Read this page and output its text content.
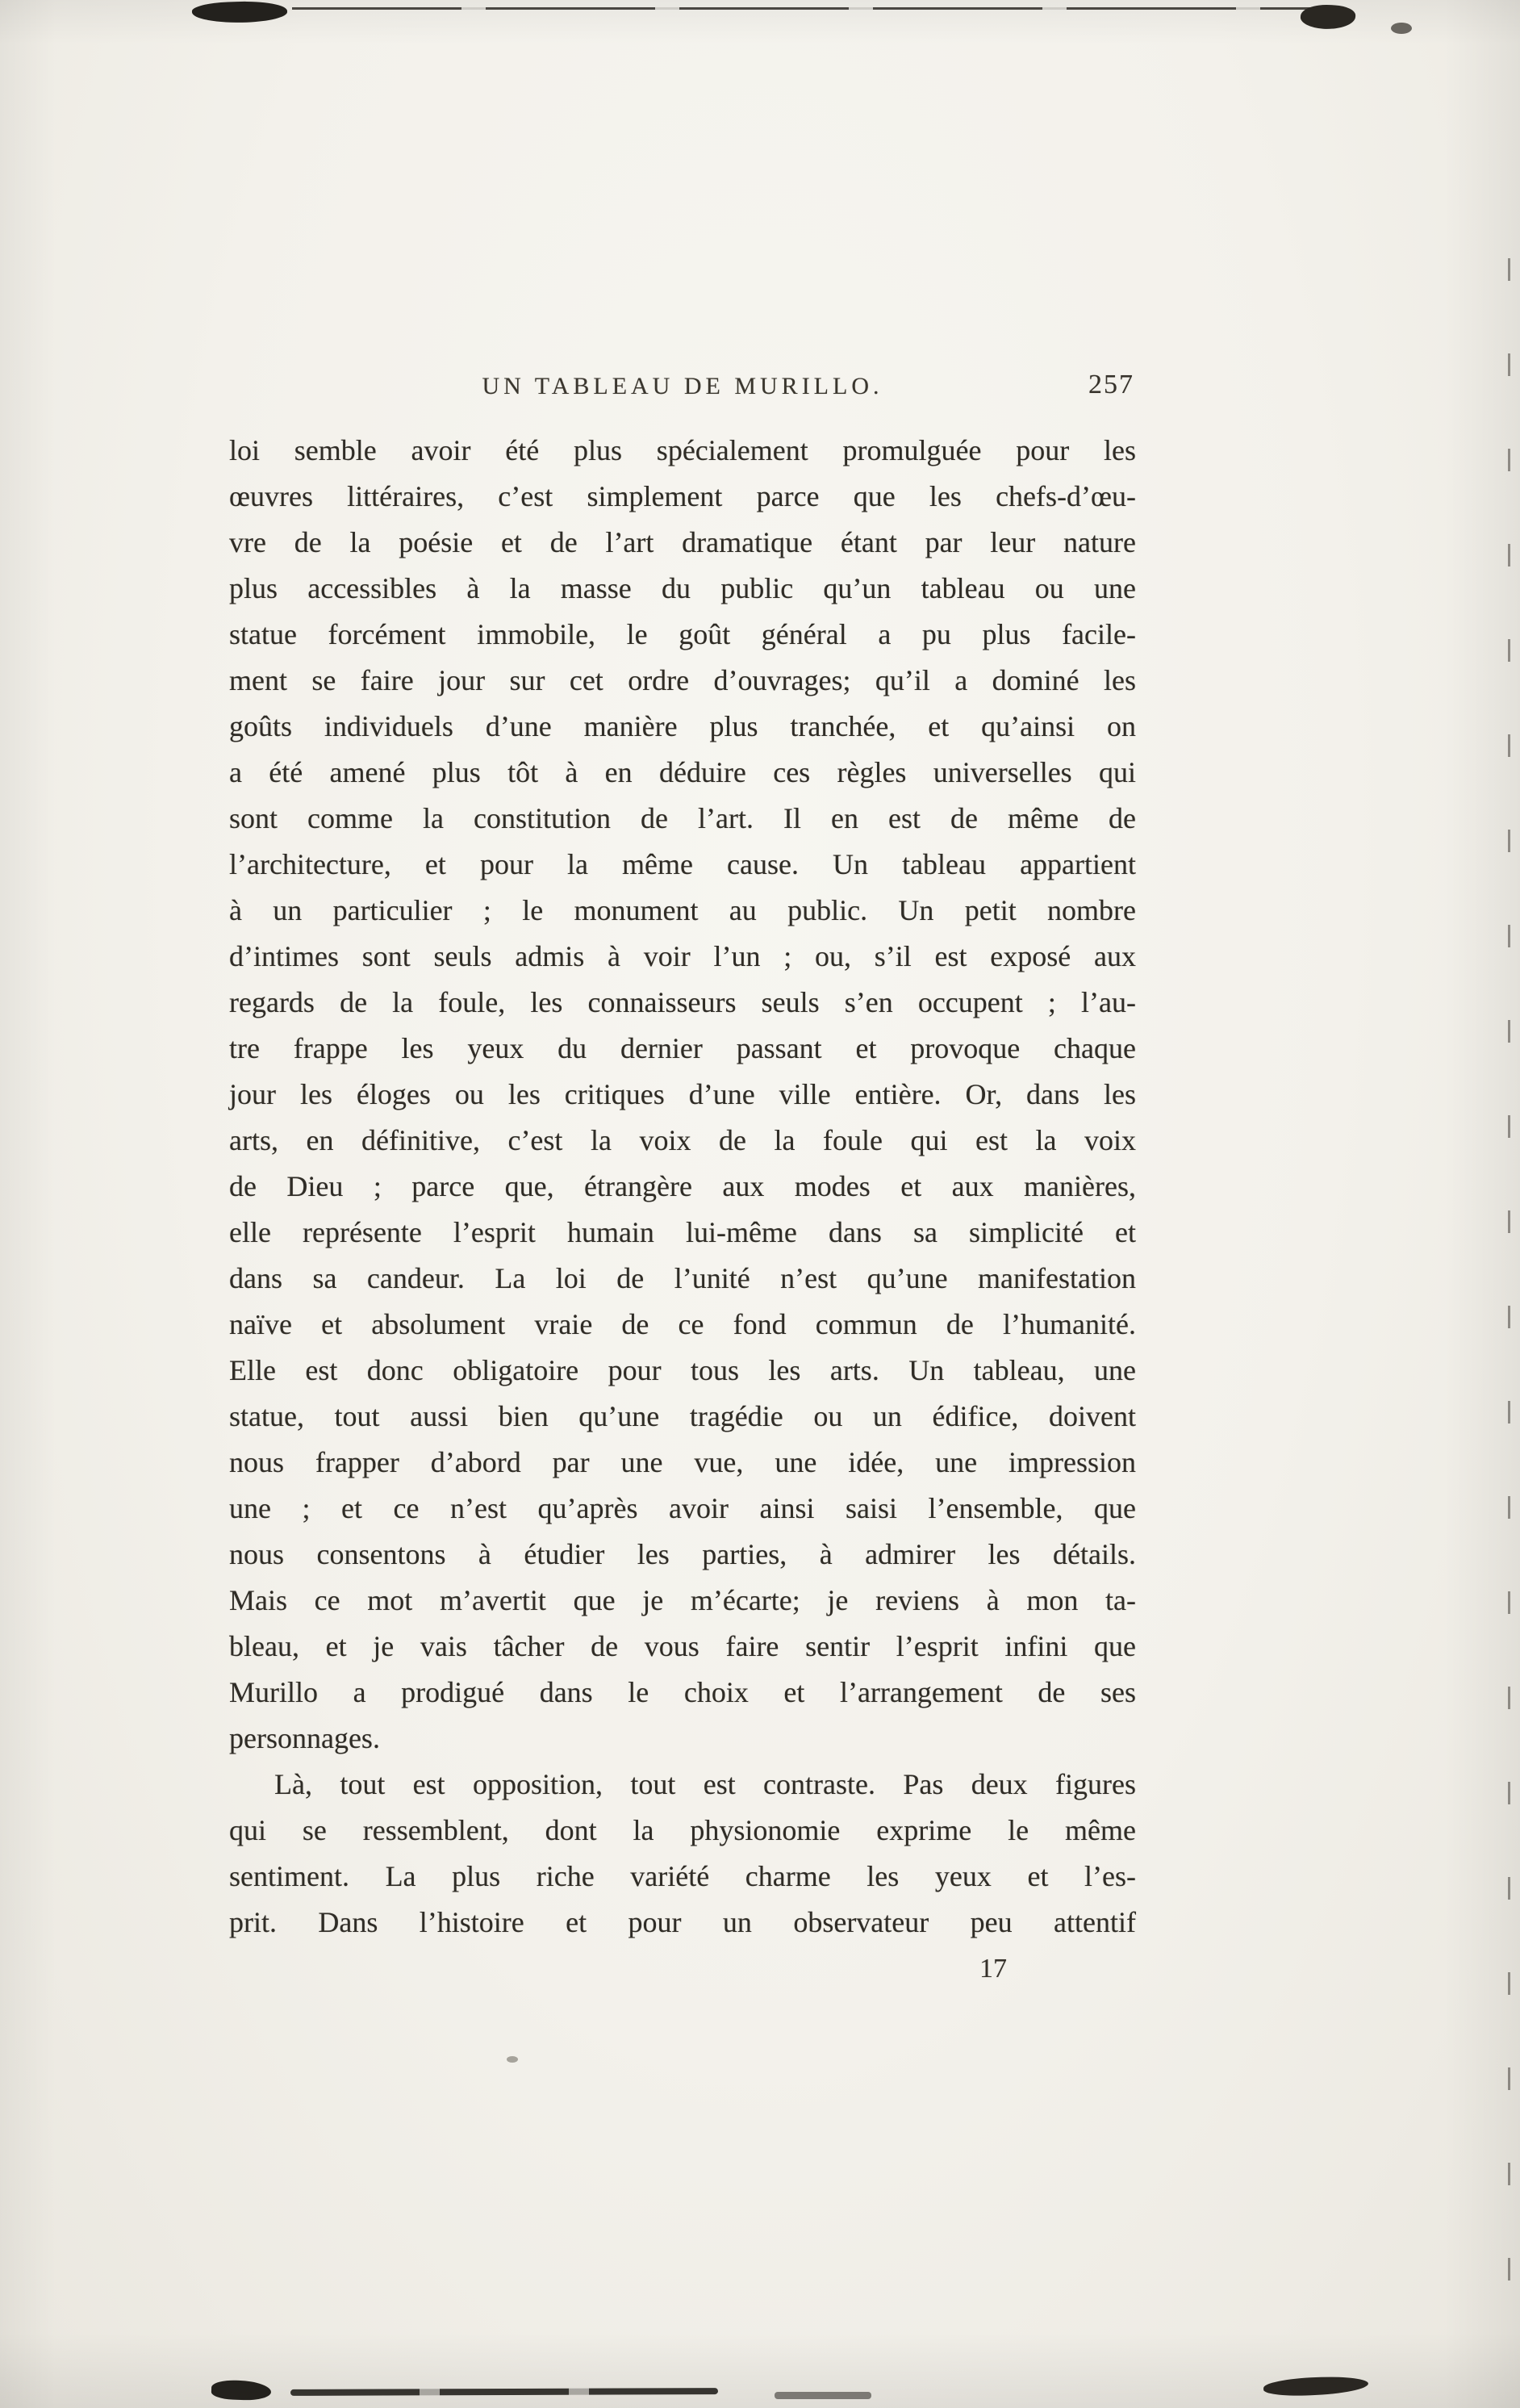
UN TABLEAU DE MURILLO.	257
loi semble avoir été plus spécialement promulguée pour les
œuvres littéraires, c’est simplement parce que les chefs-d’œu-
vre de la poésie et de l’art dramatique étant par leur nature
plus accessibles à la masse du public qu’un tableau ou une
statue forcément immobile, le goût général a pu plus facile-
ment se faire jour sur cet ordre d’ouvrages; qu’il a dominé les
goûts individuels d’une manière plus tranchée, et qu’ainsi on
a été amené plus tôt à en déduire ces règles universelles qui
sont comme la constitution de l’art. Il en est de même de
l’architecture, et pour la même cause. Un tableau appartient
à un particulier ; le monument au public. Un petit nombre
d’intimes sont seuls admis à voir l’un ; ou, s’il est exposé aux
regards de la foule, les connaisseurs seuls s’en occupent ; l’au-
tre frappe les yeux du dernier passant et provoque chaque
jour les éloges ou les critiques d’une ville entière. Or, dans les
arts, en définitive, c’est la voix de la foule qui est la voix
de Dieu ; parce que, étrangère aux modes et aux manières,
elle représente l’esprit humain lui-même dans sa simplicité et
dans sa candeur. La loi de l’unité n’est qu’une manifestation
naïve et absolument vraie de ce fond commun de l’humanité.
Elle est donc obligatoire pour tous les arts. Un tableau, une
statue, tout aussi bien qu’une tragédie ou un édifice, doivent
nous frapper d’abord par une vue, une idée, une impression
une ; et ce n’est qu’après avoir ainsi saisi l’ensemble, que
nous consentons à étudier les parties, à admirer les détails.
Mais ce mot m’avertit que je m’écarte; je reviens à mon ta-
bleau, et je vais tâcher de vous faire sentir l’esprit infini que
Murillo a prodigué dans le choix et l’arrangement de ses
personnages.
Là, tout est opposition, tout est contraste. Pas deux figures
qui se ressemblent, dont la physionomie exprime le même
sentiment. La plus riche variété charme les yeux et l’es-
prit. Dans l’histoire et pour un observateur peu attentif
17
